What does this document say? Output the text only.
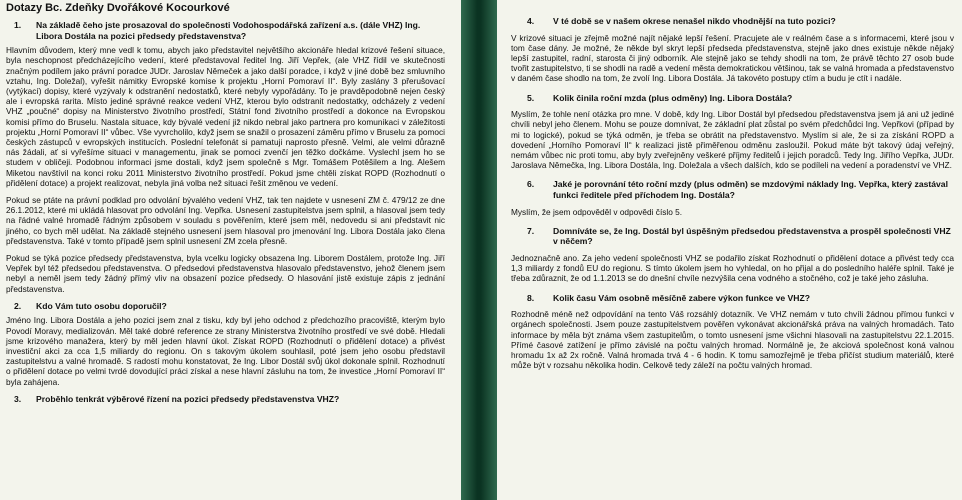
Dotazy Bc. Zdeňky Dvořákové Kocourkové
1.	Na základě čeho jste prosazoval do společnosti Vodohospodářská zařízení a.s. (dále VHZ) Ing. Libora Dostála na pozici předsedy představenstva?
Hlavním důvodem, který mne vedl k tomu, abych jako představitel největšího akcionáře hledal krizové řešení situace, byla neschopnost předcházejícího vedení, které představoval ředitel Ing. Jiří Vepřek, (ale VHZ řídil ve skutečnosti značným podílem jako právní poradce JUDr. Jaroslav Němeček a jako další poradce, i když v jiné době bez smluvního vztahu, Ing. Doležal), vyřešit námitky Evropské komise k projektu „Horní Pomoraví II“. Byly zaslány 3 přerušovací (vytýkací) dopisy, které vyzývaly k odstranění nedostatků, které nebyly vypořádány. To je pravděpodobně nejen český ale i evropská rarita. Místo jediné správné reakce vedení VHZ, kterou bylo odstranit nedostatky, odcházely z vedení VHZ „poučné“ dopisy na Ministerstvo životního prostředí, Státní fond životního prostředí a dokonce na Evropskou komisi přímo do Bruselu. Nastala situace, kdy bývalé vedení již nikdo nebral jako partnera pro komunikaci v záležitosti projektu „Horní Pomoraví II“ vůbec. Vše vyvrcholilo, když jsem se snažil o prosazení záměru přímo v Bruselu za pomoci českých zástupců v evropských institucích. Poslední telefonát si pamatuji naprosto přesně. Velmi, ale velmi důrazně nás žádali, ať si vyřešíme situaci v managementu, jinak se pomoci zvenčí jen těžko dočkáme. Vyslechl jsem ho se studem v obličeji. Podobnou informaci jsme dostali, když jsem společně s Mgr. Tomášem Potěšilem a Ing. Alešem Miketou navštívil na konci roku 2011 Ministerstvo životního prostředí. Pokud jsme chtěli získat ROPD (Rozhodnutí o přidělení dotace) a projekt realizovat, nebyla jiná volba než situaci řešit změnou ve vedení.
Pokud se ptáte na právní podklad pro odvolání bývalého vedení VHZ, tak ten najdete v usnesení ZM č. 479/12 ze dne 26.1.2012, které mi ukládá hlasovat pro odvolání Ing. Vepřka. Usnesení zastupitelstva jsem splnil, a hlasoval jsem tedy na řádné valné hromadě řádným způsobem v souladu s pověřením, které jsem měl, nedovedu si ani představit nic jiného, co bych měl udělat. Na základě stejného usnesení jsem hlasoval pro jmenování Ing. Libora Dostála jako člena představenstva. Také v tomto případě jsem splnil usnesení ZM zcela přesně.
Pokud se týká pozice předsedy představenstva, byla vcelku logicky obsazena Ing. Liborem Dostálem, protože Ing. Jiří Vepřek byl též předsedou představenstva. O předsedovi představenstva hlasovalo představenstvo, jehož členem jsem nebyl a neměl jsem tedy žádný přímý vliv na obsazení pozice předsedy. O hlasování jistě existuje zápis z jednání představenstva.
2.	Kdo Vám tuto osobu doporučil?
Jméno Ing. Libora Dostála a jeho pozici jsem znal z tisku, kdy byl jeho odchod z předchozího pracoviště, kterým bylo Povodí Moravy, medializován. Měl také dobré reference ze strany Ministerstva životního prostředí ve své době. Hledali jsme krizového manažera, který by měl jeden hlavní úkol. Získat ROPD (Rozhodnutí o přidělení dotace) a přivést investiční akci za cca 1,5 miliardy do regionu. On s takovým úkolem souhlasil, poté jsem jeho osobu představil zastupitelstvu a valné hromadě. S radostí mohu konstatovat, že Ing. Libor Dostál svůj úkol dokonale splnil. Rozhodnutí o přidělení dotace po velmi tvrdé dovodující práci získal a nese hlavní zásluhu na tom, že investice „Horní Pomoraví II“ byla zahájena.
3.	Proběhlo tenkrát výběrové řízení na pozici předsedy představenstva VHZ?
4.	V té době se v našem okrese nenašel nikdo vhodnější na tuto pozici?
V krizové situaci je zřejmě možné najít nějaké lepší řešení. Pracujete ale v reálném čase a s informacemi, které jsou v tom čase dány. Je možné, že někde byl skryt lepší předseda představenstva, stejně jako dnes existuje někde nějaký lepší zastupitel, radní, starosta či jiný odborník. Ale stejně jako se tehdy shodli na tom, že právě těchto 27 osob bude tvořit zastupitelstvo, ti se shodli na radě a vedení města demokratickou většinou, tak se valná hromada a představenstvo v daném čase shodlo na tom, že zvolí Ing. Libora Dostála. Já takovéto postupy ctím a budu je ctít i nadále.
5.	Kolik činila roční mzda (plus odměny) Ing. Libora Dostála?
Myslím, že tohle není otázka pro mne. V době, kdy Ing. Libor Dostál byl předsedou představenstva jsem já ani už jediné chvíli nebyl jeho členem. Mohu se pouze domnívat, že základní plat zůstal po svém předchůdci Ing. Vepřkovi (případ by mi to logické), pokud se týká odměn, je třeba se obrátit na představenstvo. Myslím si ale, že si za získání ROPD a dovedení „Horního Pomoraví II“ k realizaci jistě přiměřenou odměnu zasloužil. Pokud máte být takový údaj veřejný, nemám vůbec nic proti tomu, aby byly zveřejněny veškeré příjmy ředitelů i jejich poradců. Tedy Ing. Jiřího Vepřka, JUDr. Jaroslava Němečka, Ing. Libora Dostála, Ing. Doležala a všech dalších, kdo se podíleli na vedení a poradenství ve VHZ.
6.	Jaké je porovnání této roční mzdy (plus odměn) se mzdovými náklady Ing. Vepřka, který zastával funkci ředitele před příchodem Ing. Dostála?
Myslím, že jsem odpověděl v odpovědi číslo 5.
7.	Domníváte se, že Ing. Dostál byl úspěšným předsedou představenstva a prospěl společnosti VHZ v něčem?
Jednoznačně ano. Za jeho vedení společnosti VHZ se podařilo získat Rozhodnutí o přidělení dotace a přivést tedy cca 1,3 miliardy z fondů EU do regionu. S tímto úkolem jsem ho vyhledal, on ho přijal a do posledního haléře splnil. Také je třeba zdůraznit, že od 1.1.2013 se do dnešní chvíle nezvýšila cena vodného a stočného, což je také jeho zásluha.
8.	Kolik času Vám osobně měsíčně zabere výkon funkce ve VHZ?
Rozhodně méně než odpovídání na tento Váš rozsáhlý dotazník. Ve VHZ nemám v tuto chvíli žádnou přímou funkci v orgánech společnosti. Jsem pouze zastupitelstvem pověřen vykonávat akcionářská práva na valných hromadách. Tato informace by měla být známa všem zastupitelům, o tomto usnesení jsme všichni hlasovali na zastupitelstvu 22.1.2015. Přímé časové zatížení je přímo závislé na počtu valných hromad. Normálně je, že akciová společnost koná valnou hromadu 1x až 2x ročně. Valná hromada trvá 4 - 6 hodin. K tomu samozřejmě je třeba přičíst studium materiálů, které může být v rozsahu několika hodin. Celkově tedy záleží na počtu valných hromad.
